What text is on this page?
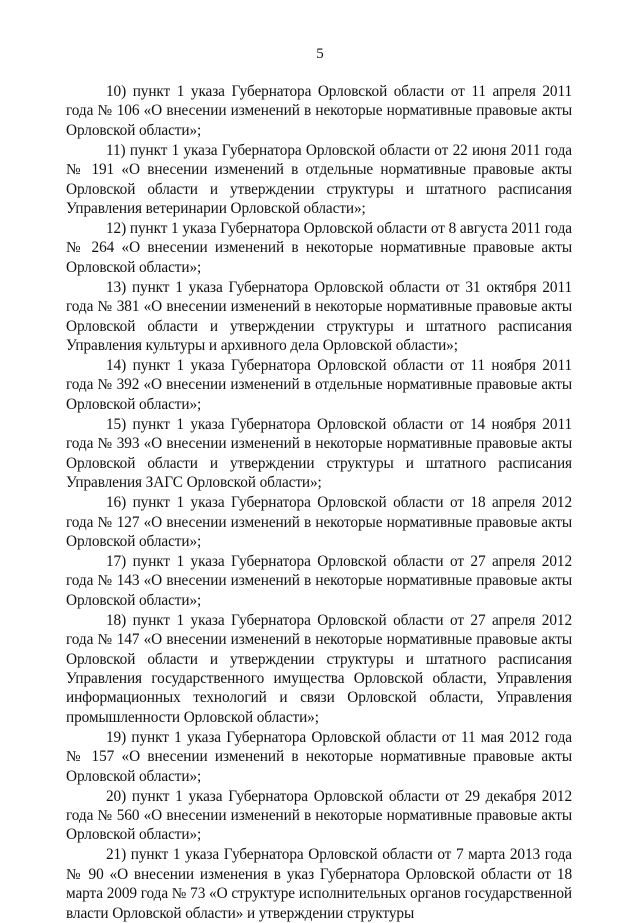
5

10) пункт 1 указа Губернатора Орловской области от 11 апреля 2011 года № 106 «О внесении изменений в некоторые нормативные правовые акты Орловской области»;

11) пункт 1 указа Губернатора Орловской области от 22 июня 2011 года № 191 «О внесении изменений в отдельные нормативные правовые акты Орловской области и утверждении структуры и штатного расписания Управления ветеринарии Орловской области»;

12) пункт 1 указа Губернатора Орловской области от 8 августа 2011 года № 264 «О внесении изменений в некоторые нормативные правовые акты Орловской области»;

13) пункт 1 указа Губернатора Орловской области от 31 октября 2011 года № 381 «О внесении изменений в некоторые нормативные правовые акты Орловской области и утверждении структуры и штатного расписания Управления культуры и архивного дела Орловской области»;

14) пункт 1 указа Губернатора Орловской области от 11 ноября 2011 года № 392 «О внесении изменений в отдельные нормативные правовые акты Орловской области»;

15) пункт 1 указа Губернатора Орловской области от 14 ноября 2011 года № 393 «О внесении изменений в некоторые нормативные правовые акты Орловской области и утверждении структуры и штатного расписания Управления ЗАГС Орловской области»;

16) пункт 1 указа Губернатора Орловской области от 18 апреля 2012 года № 127 «О внесении изменений в некоторые нормативные правовые акты Орловской области»;

17) пункт 1 указа Губернатора Орловской области от 27 апреля 2012 года № 143 «О внесении изменений в некоторые нормативные правовые акты Орловской области»;

18) пункт 1 указа Губернатора Орловской области от 27 апреля 2012 года № 147 «О внесении изменений в некоторые нормативные правовые акты Орловской области и утверждении структуры и штатного расписания Управления государственного имущества Орловской области, Управления информационных технологий и связи Орловской области, Управления промышленности Орловской области»;

19) пункт 1 указа Губернатора Орловской области от 11 мая 2012 года № 157 «О внесении изменений в некоторые нормативные правовые акты Орловской области»;

20) пункт 1 указа Губернатора Орловской области от 29 декабря 2012 года № 560 «О внесении изменений в некоторые нормативные правовые акты Орловской области»;

21) пункт 1 указа Губернатора Орловской области от 7 марта 2013 года № 90 «О внесении изменения в указ Губернатора Орловской области от 18 марта 2009 года № 73 «О структуре исполнительных органов государственной власти Орловской области» и утверждении структуры
